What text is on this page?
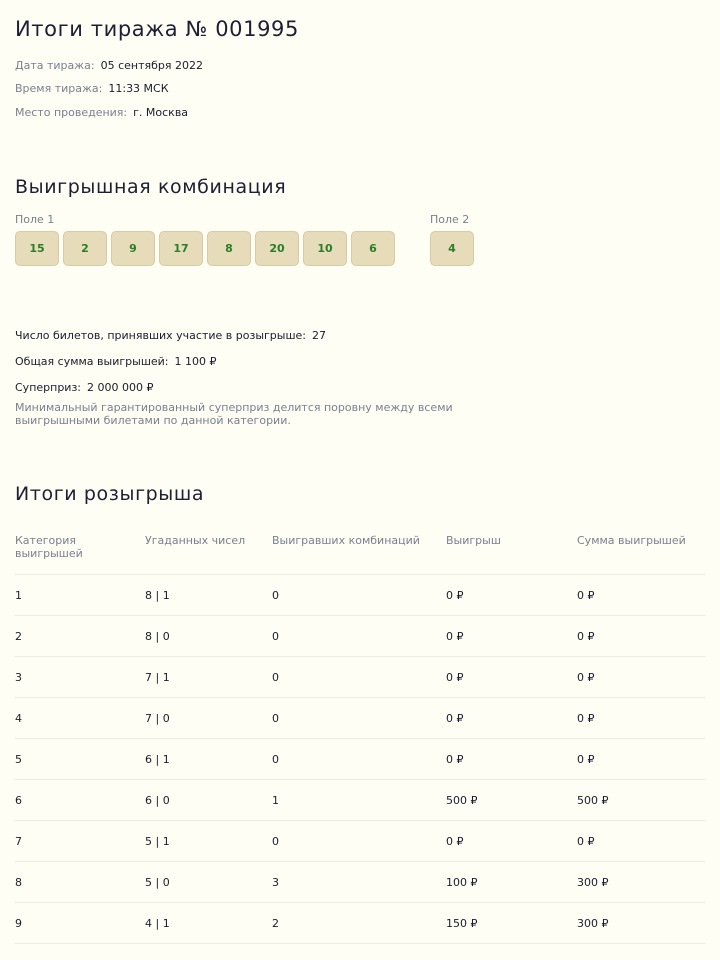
Итоги тиража № 001995
Дата тиража: 05 сентября 2022
Время тиража: 11:33 МСК
Место проведения: г. Москва
Выигрышная комбинация
Поле 1
15	2	9	17	8	20	10	6
Поле 2
4
Число билетов, принявших участие в розыгрыше: 27
Общая сумма выигрышей: 1 100 ₽
Суперприз: 2 000 000 ₽
Минимальный гарантированный суперприз делится поровну между всеми выигрышными билетами по данной категории.
Итоги розыгрыша
Категория выигрышей	Угаданных чисел	Выигравших комбинаций	Выигрыш	Сумма выигрышей
1	8 | 1	0	0 ₽	0 ₽
2	8 | 0	0	0 ₽	0 ₽
3	7 | 1	0	0 ₽	0 ₽
4	7 | 0	0	0 ₽	0 ₽
5	6 | 1	0	0 ₽	0 ₽
6	6 | 0	1	500 ₽	500 ₽
7	5 | 1	0	0 ₽	0 ₽
8	5 | 0	3	100 ₽	300 ₽
9	4 | 1	2	150 ₽	300 ₽
